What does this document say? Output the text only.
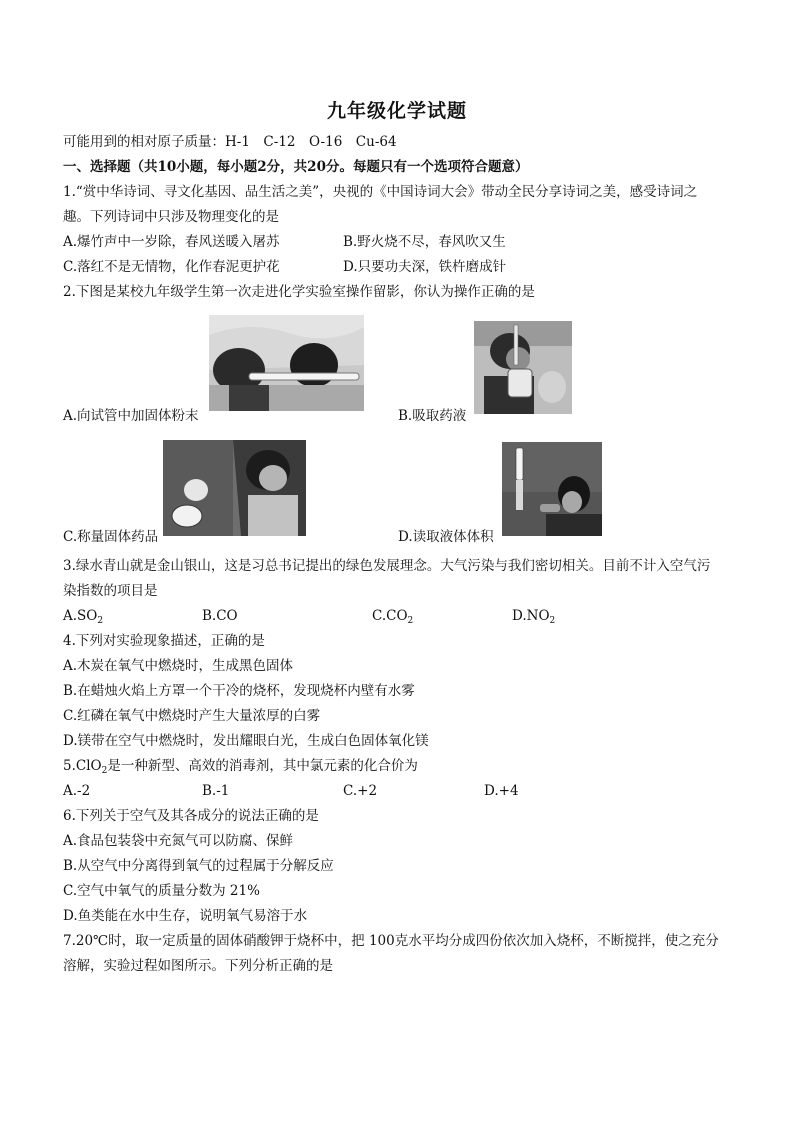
九年级化学试题
可能用到的相对原子质量：H-1　C-12　O-16　Cu-64
一、选择题（共10小题，每小题2分，共20分。每题只有一个选项符合题意）
1.“赏中华诗词、寻文化基因、品生活之美”，央视的《中国诗词大会》带动全民分享诗词之美，感受诗词之
趣。下列诗词中只涉及物理变化的是
A.爆竹声中一岁除，春风送暖入屠苏	B.野火烧不尽，春风吹又生
C.落红不是无情物，化作春泥更护花	D.只要功夫深，铁杵磨成针
2.下图是某校九年级学生第一次走进化学实验室操作留影，你认为操作正确的是
A.向试管中加固体粉末	B.吸取药液
C.称量固体药品	D.读取液体体积
3.绿水青山就是金山银山，这是习总书记提出的绿色发展理念。大气污染与我们密切相关。目前不计入空气污
染指数的项目是
$A.SO_2$	B.CO	$C.CO_2$	$D.NO_2$
4.下列对实验现象描述，正确的是
A.木炭在氧气中燃烧时，生成黑色固体
B.在蜡烛火焰上方罩一个干冷的烧杯，发现烧杯内壁有水雾
C.红磷在氧气中燃烧时产生大量浓厚的白雾
D.镁带在空气中燃烧时，发出耀眼白光，生成白色固体氧化镁
5.ClO$_2$是一种新型、高效的消毒剂，其中氯元素的化合价为
A.-2	B.-1	C.+2	D.+4
6.下列关于空气及其各成分的说法正确的是
A.食品包装袋中充氮气可以防腐、保鲜
B.从空气中分离得到氧气的过程属于分解反应
C.空气中氧气的质量分数为 21%
D.鱼类能在水中生存，说明氧气易溶于水
7.20℃时，取一定质量的固体硝酸钾于烧杯中，把 100克水平均分成四份依次加入烧杯，不断搅拌，使之充分
溶解，实验过程如图所示。下列分析正确的是
